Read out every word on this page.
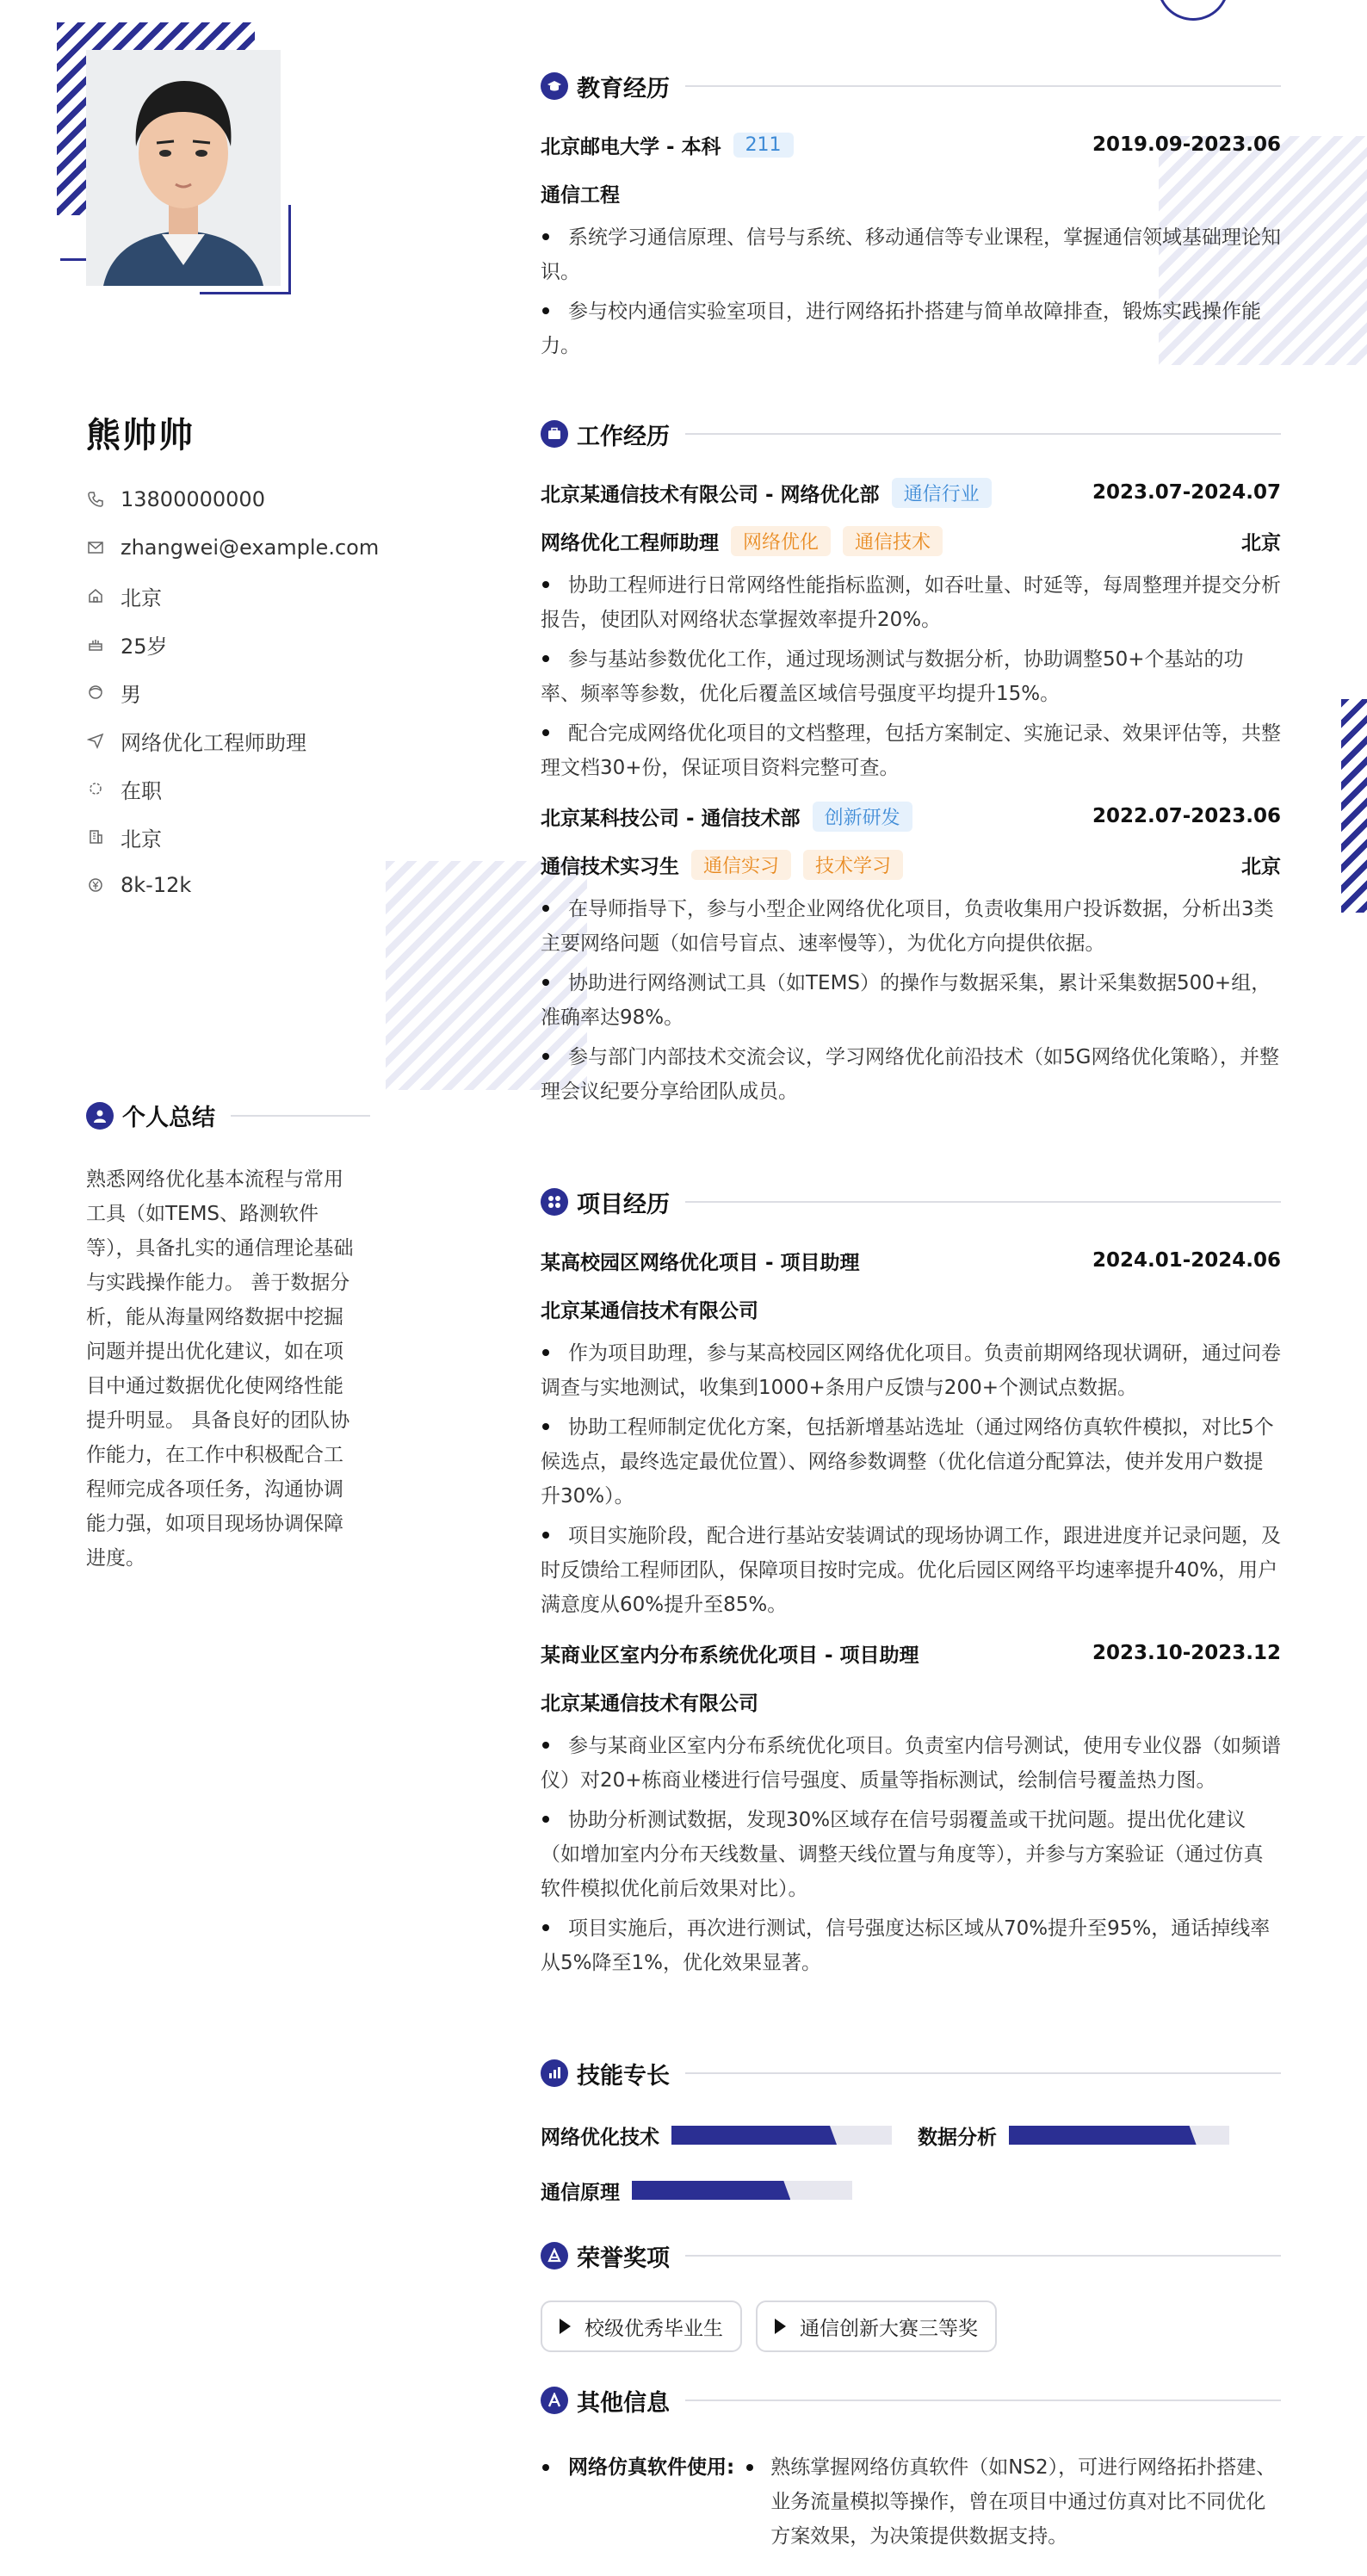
熊帅帅
13800000000
zhangwei@example.com
北京
25岁
男
网络优化工程师助理
在职
北京
8k-12k
个人总结
熟悉网络优化基本流程与常用工具（如TEMS、路测软件等），具备扎实的通信理论基础与实践操作能力。 善于数据分析，能从海量网络数据中挖掘问题并提出优化建议，如在项目中通过数据优化使网络性能提升明显。 具备良好的团队协作能力，在工作中积极配合工程师完成各项任务，沟通协调能力强，如项目现场协调保障进度。
教育经历
北京邮电大学 - 本科	211	2019.09-2023.06
通信工程
系统学习通信原理、信号与系统、移动通信等专业课程，掌握通信领域基础理论知识。
参与校内通信实验室项目，进行网络拓扑搭建与简单故障排查，锻炼实践操作能力。
工作经历
北京某通信技术有限公司 - 网络优化部	通信行业	2023.07-2024.07
网络优化工程师助理	网络优化	通信技术	北京
协助工程师进行日常网络性能指标监测，如吞吐量、时延等，每周整理并提交分析报告，使团队对网络状态掌握效率提升20%。
参与基站参数优化工作，通过现场测试与数据分析，协助调整50+个基站的功率、频率等参数，优化后覆盖区域信号强度平均提升15%。
配合完成网络优化项目的文档整理，包括方案制定、实施记录、效果评估等，共整理文档30+份，保证项目资料完整可查。
北京某科技公司 - 通信技术部	创新研发	2022.07-2023.06
通信技术实习生	通信实习	技术学习	北京
在导师指导下，参与小型企业网络优化项目，负责收集用户投诉数据，分析出3类主要网络问题（如信号盲点、速率慢等），为优化方向提供依据。
协助进行网络测试工具（如TEMS）的操作与数据采集，累计采集数据500+组，准确率达98%。
参与部门内部技术交流会议，学习网络优化前沿技术（如5G网络优化策略），并整理会议纪要分享给团队成员。
项目经历
某高校园区网络优化项目 - 项目助理	2024.01-2024.06
北京某通信技术有限公司
作为项目助理，参与某高校园区网络优化项目。负责前期网络现状调研，通过问卷调查与实地测试，收集到1000+条用户反馈与200+个测试点数据。
协助工程师制定优化方案，包括新增基站选址（通过网络仿真软件模拟，对比5个候选点，最终选定最优位置）、网络参数调整（优化信道分配算法，使并发用户数提升30%）。
项目实施阶段，配合进行基站安装调试的现场协调工作，跟进进度并记录问题，及时反馈给工程师团队，保障项目按时完成。优化后园区网络平均速率提升40%，用户满意度从60%提升至85%。
某商业区室内分布系统优化项目 - 项目助理	2023.10-2023.12
北京某通信技术有限公司
参与某商业区室内分布系统优化项目。负责室内信号测试，使用专业仪器（如频谱仪）对20+栋商业楼进行信号强度、质量等指标测试，绘制信号覆盖热力图。
协助分析测试数据，发现30%区域存在信号弱覆盖或干扰问题。提出优化建议（如增加室内分布天线数量、调整天线位置与角度等），并参与方案验证（通过仿真软件模拟优化前后效果对比）。
项目实施后，再次进行测试，信号强度达标区域从70%提升至95%，通话掉线率从5%降至1%，优化效果显著。
技能专长
网络优化技术	数据分析
通信原理
荣誉奖项
校级优秀毕业生	通信创新大赛三等奖
其他信息
网络仿真软件使用: 熟练掌握网络仿真软件（如NS2），可进行网络拓扑搭建、业务流量模拟等操作，曾在项目中通过仿真对比不同优化方案效果，为决策提供数据支持。
